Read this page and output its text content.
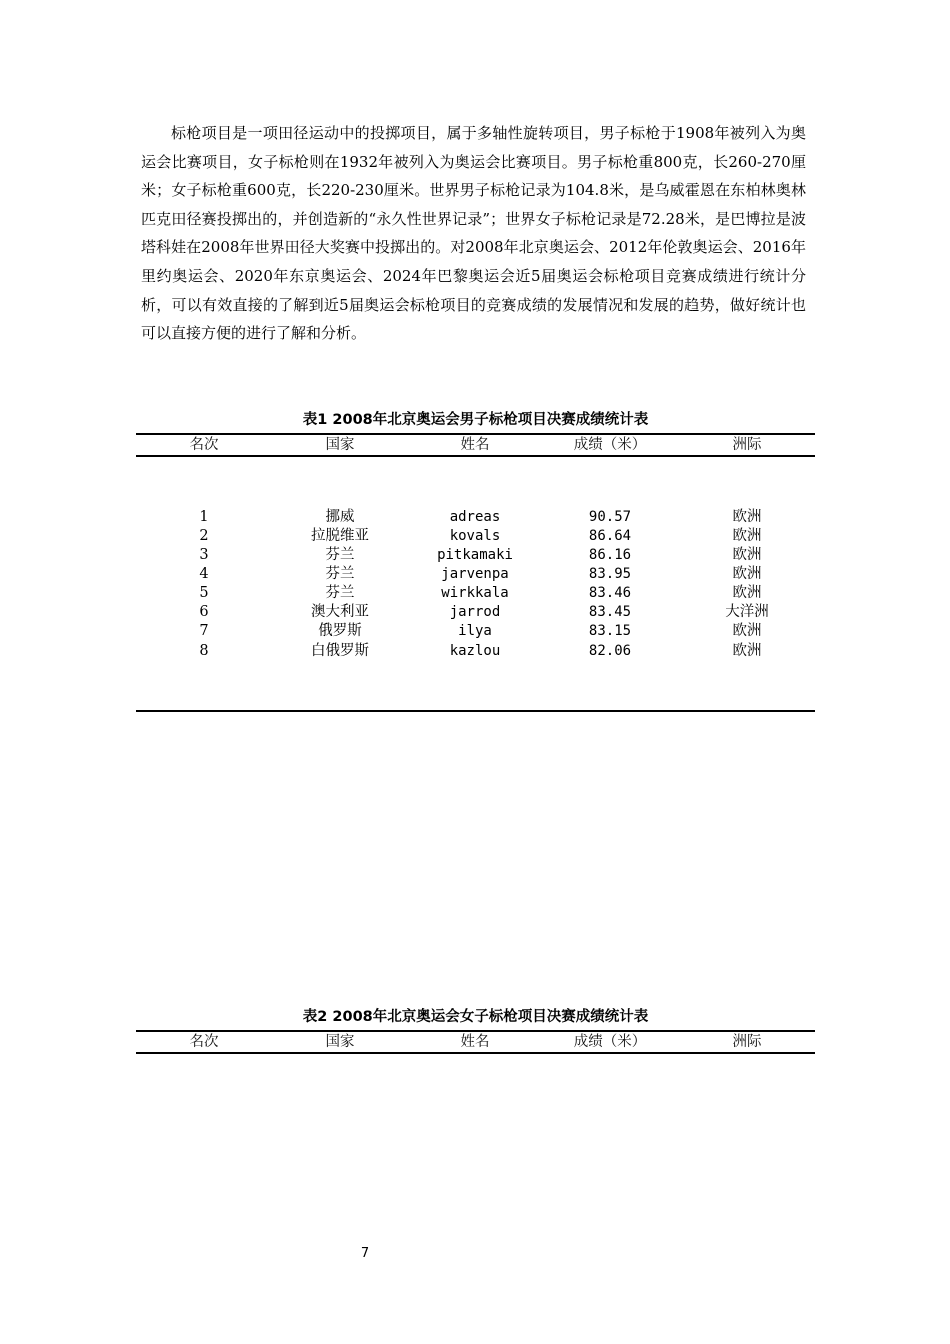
标枪项目是一项田径运动中的投掷项目，属于多轴性旋转项目，男子标枪于1908年被列入为奥运会比赛项目，女子标枪则在1932年被列入为奥运会比赛项目。男子标枪重800克，长260-270厘米；女子标枪重600克，长220-230厘米。世界男子标枪记录为104.8米，是乌威霍恩在东柏林奥林匹克田径赛投掷出的，并创造新的“永久性世界记录”；世界女子标枪记录是72.28米，是巴博拉是波塔科娃在2008年世界田径大奖赛中投掷出的。对2008年北京奥运会、2012年伦敦奥运会、2016年里约奥运会、2020年东京奥运会、2024年巴黎奥运会近5届奥运会标枪项目竞赛成绩进行统计分析，可以有效直接的了解到近5届奥运会标枪项目的竞赛成绩的发展情况和发展的趋势，做好统计也可以直接方便的进行了解和分析。

表1 2008年北京奥运会男子标枪项目决赛成绩统计表
名次	国家	姓名	成绩（米）	洲际
1	挪威	adreas	90.57	欧洲
2	拉脱维亚	kovals	86.64	欧洲
3	芬兰	pitkamaki	86.16	欧洲
4	芬兰	jarvenpa	83.95	欧洲
5	芬兰	wirkkala	83.46	欧洲
6	澳大利亚	jarrod	83.45	大洋洲
7	俄罗斯	ilya	83.15	欧洲
8	白俄罗斯	kazlou	82.06	欧洲
表2 2008年北京奥运会女子标枪项目决赛成绩统计表
名次	国家	姓名	成绩（米）	洲际
7
